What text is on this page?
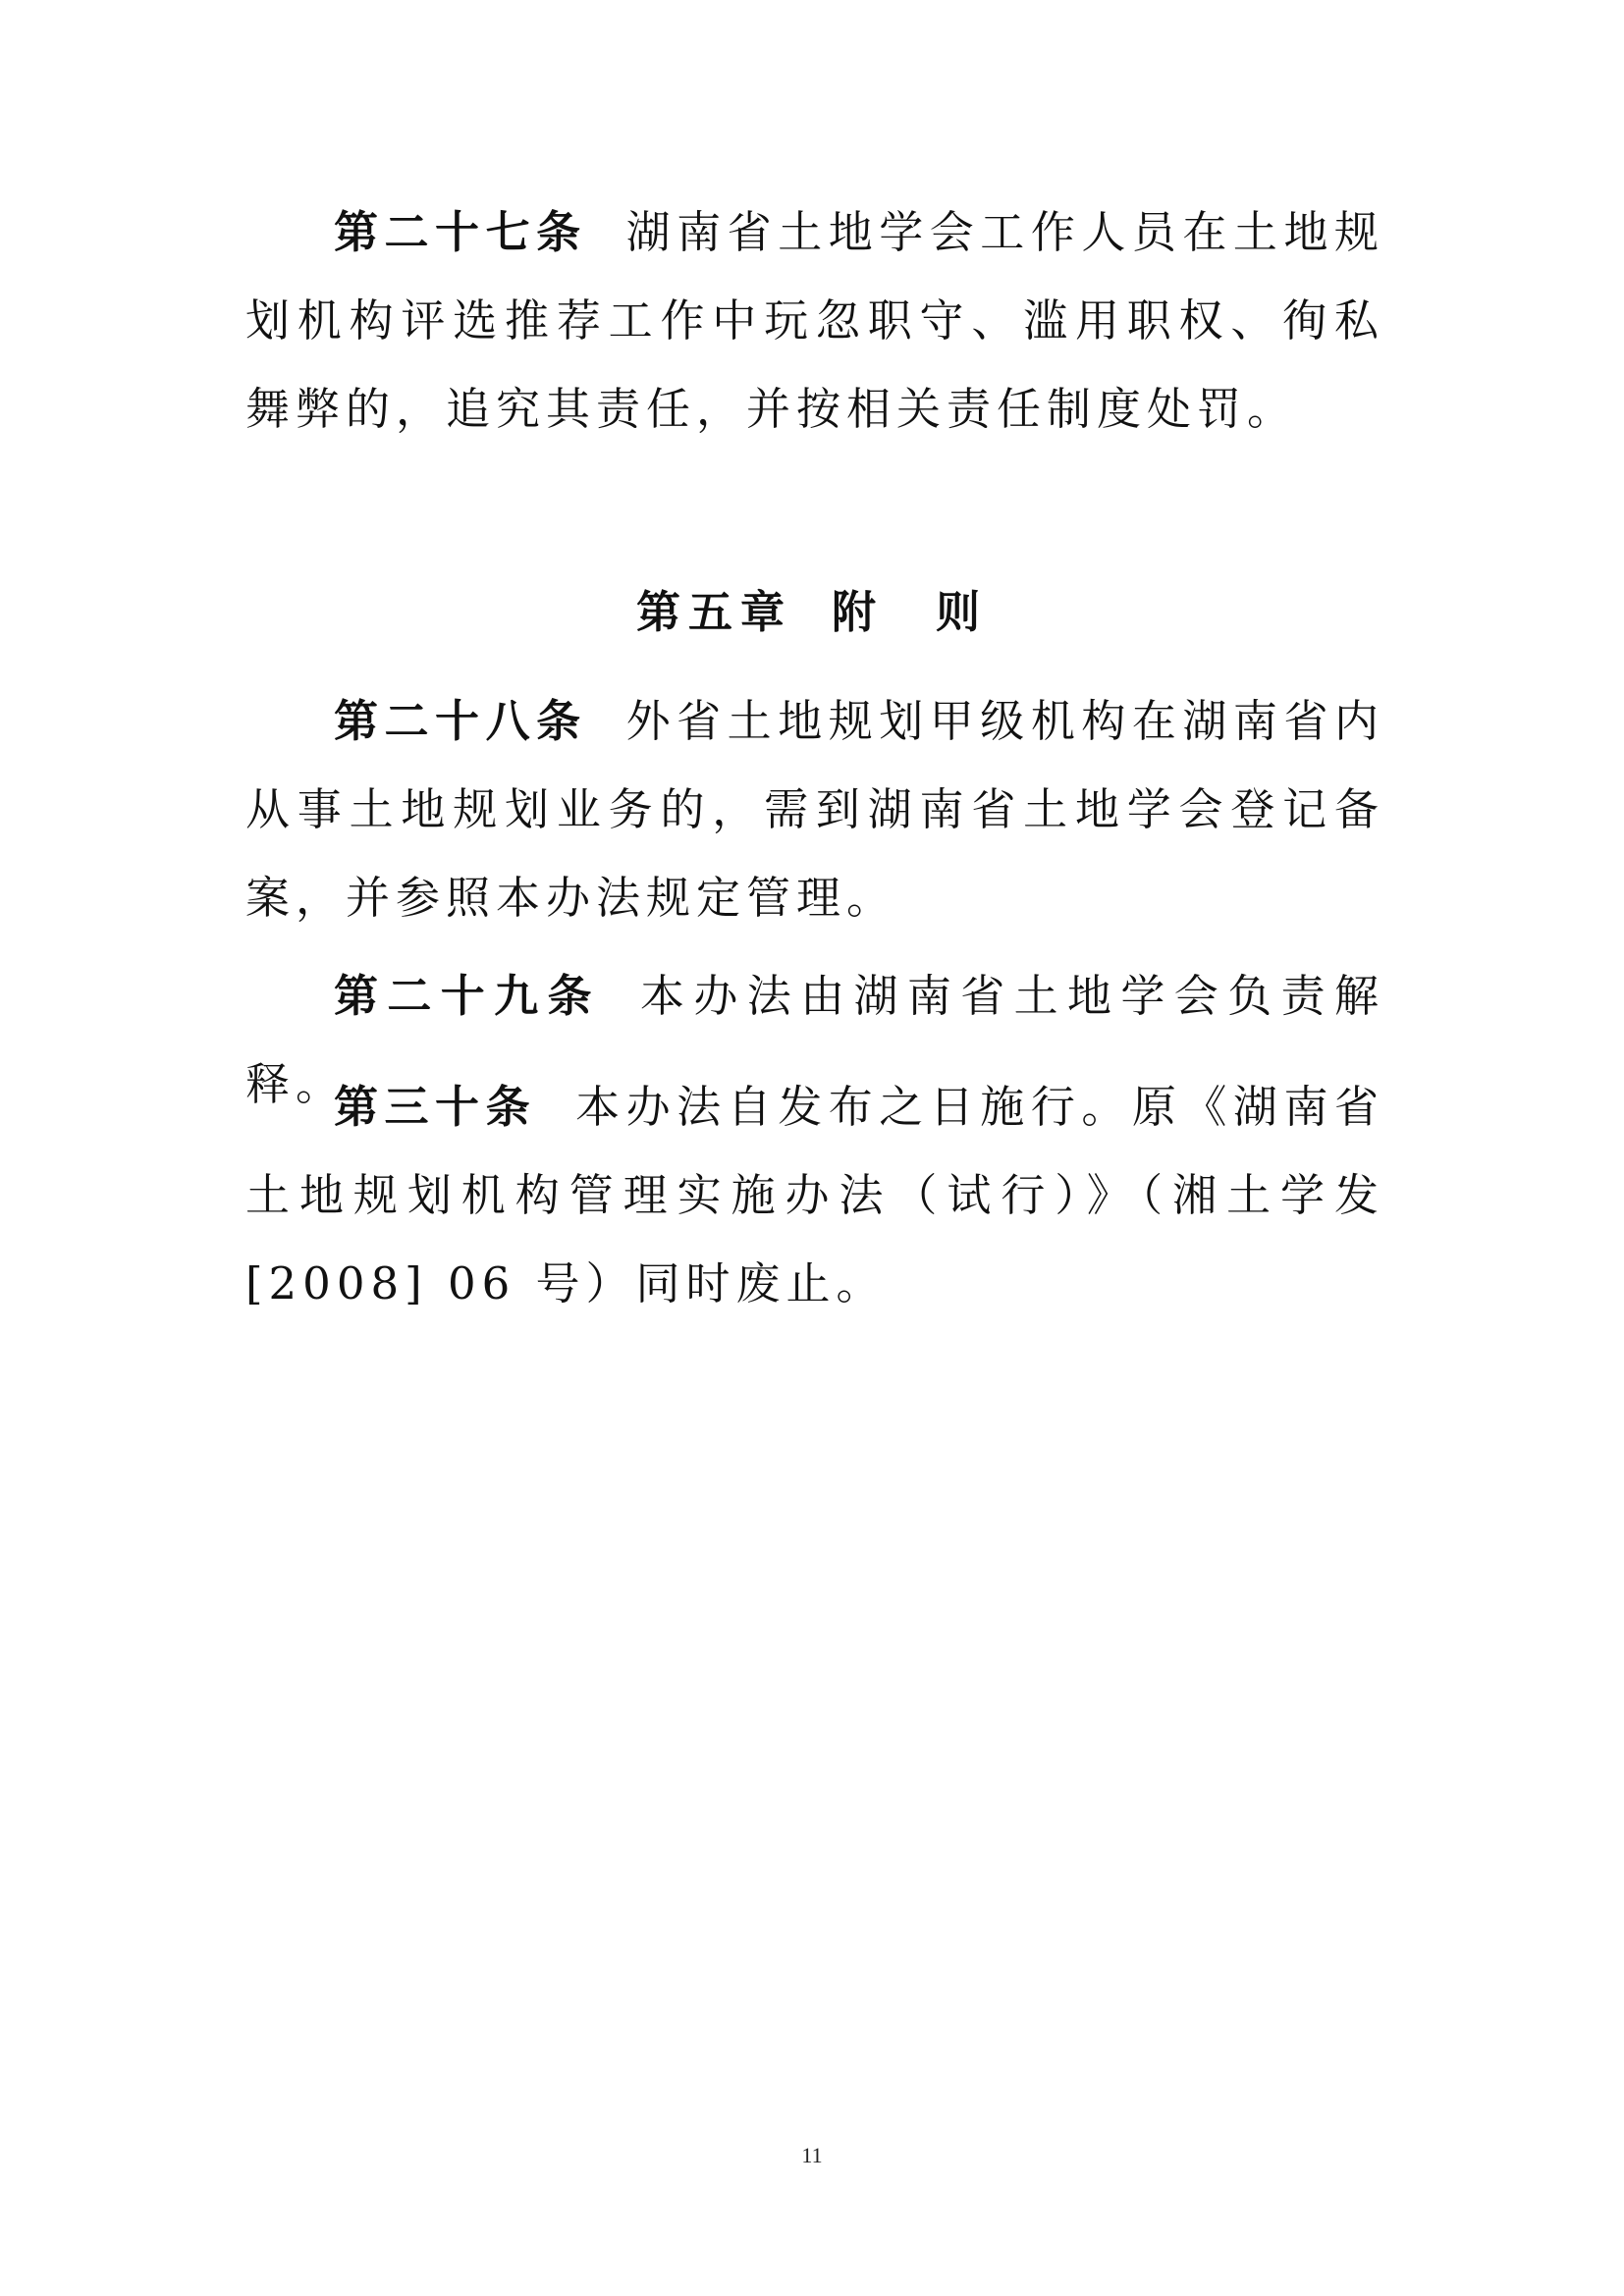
第二十七条 湖南省土地学会工作人员在土地规划机构评选推荐工作中玩忽职守、滥用职权、徇私舞弊的，追究其责任，并按相关责任制度处罚。

第五章 附　则

第二十八条 外省土地规划甲级机构在湖南省内从事土地规划业务的，需到湖南省土地学会登记备案，并参照本办法规定管理。

第二十九条 本办法由湖南省土地学会负责解释。

第三十条 本办法自发布之日施行。原《湖南省土地规划机构管理实施办法（试行）》（湘土学发[2008] 06 号）同时废止。

11
